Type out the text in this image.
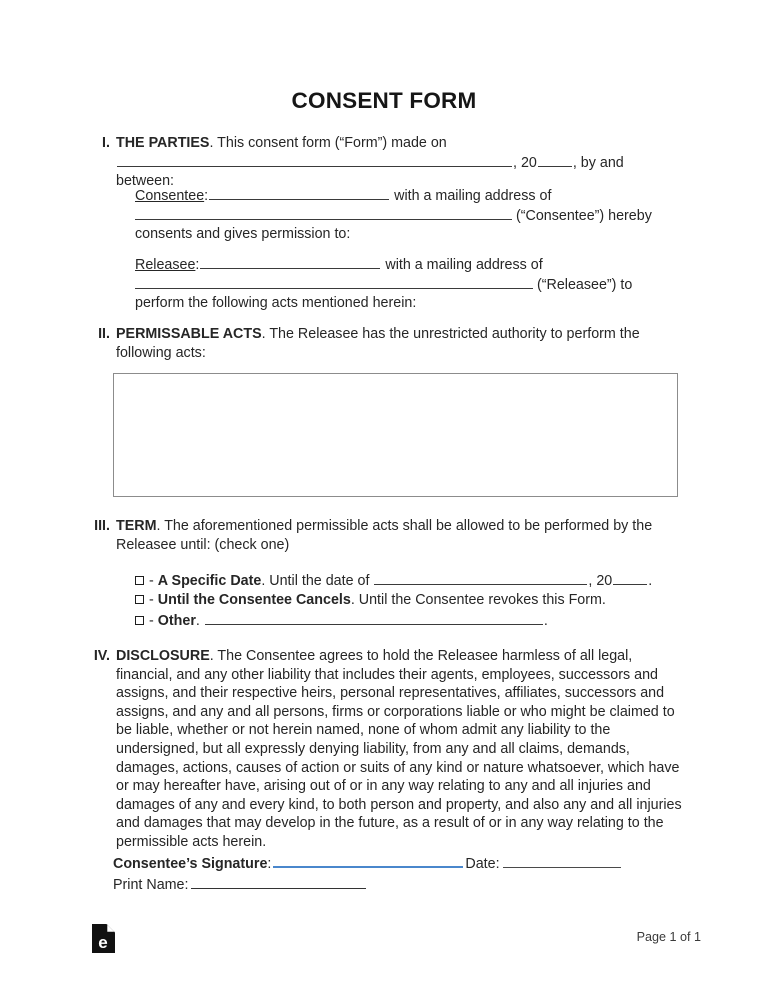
CONSENT FORM
I. THE PARTIES. This consent form (“Form”) made on , 20	, by and between:
Consentee:	with a mailing address of
(“Consentee”) hereby
consents and gives permission to:
Releasee:	with a mailing address of
(“Releasee”) to
perform the following acts mentioned herein:
II. PERMISSABLE ACTS. The Releasee has the unrestricted authority to perform the following acts:
III. TERM. The aforementioned permissible acts shall be allowed to be performed by the Releasee until: (check one)
- A Specific Date. Until the date of	, 20	.
- Until the Consentee Cancels. Until the Consentee revokes this Form.
- Other.	.
IV. DISCLOSURE. The Consentee agrees to hold the Releasee harmless of all legal, financial, and any other liability that includes their agents, employees, successors and assigns, and their respective heirs, personal representatives, affiliates, successors and assigns, and any and all persons, firms or corporations liable or who might be claimed to be liable, whether or not herein named, none of whom admit any liability to the undersigned, but all expressly denying liability, from any and all claims, demands, damages, actions, causes of action or suits of any kind or nature whatsoever, which have or may hereafter have, arising out of or in any way relating to any and all injuries and damages of any and every kind, to both person and property, and also any and all injuries and damages that may develop in the future, as a result of or in any way relating to the permissible acts herein.
Consentee’s Signature:	Date:
Print Name:
e	Page 1 of 1
